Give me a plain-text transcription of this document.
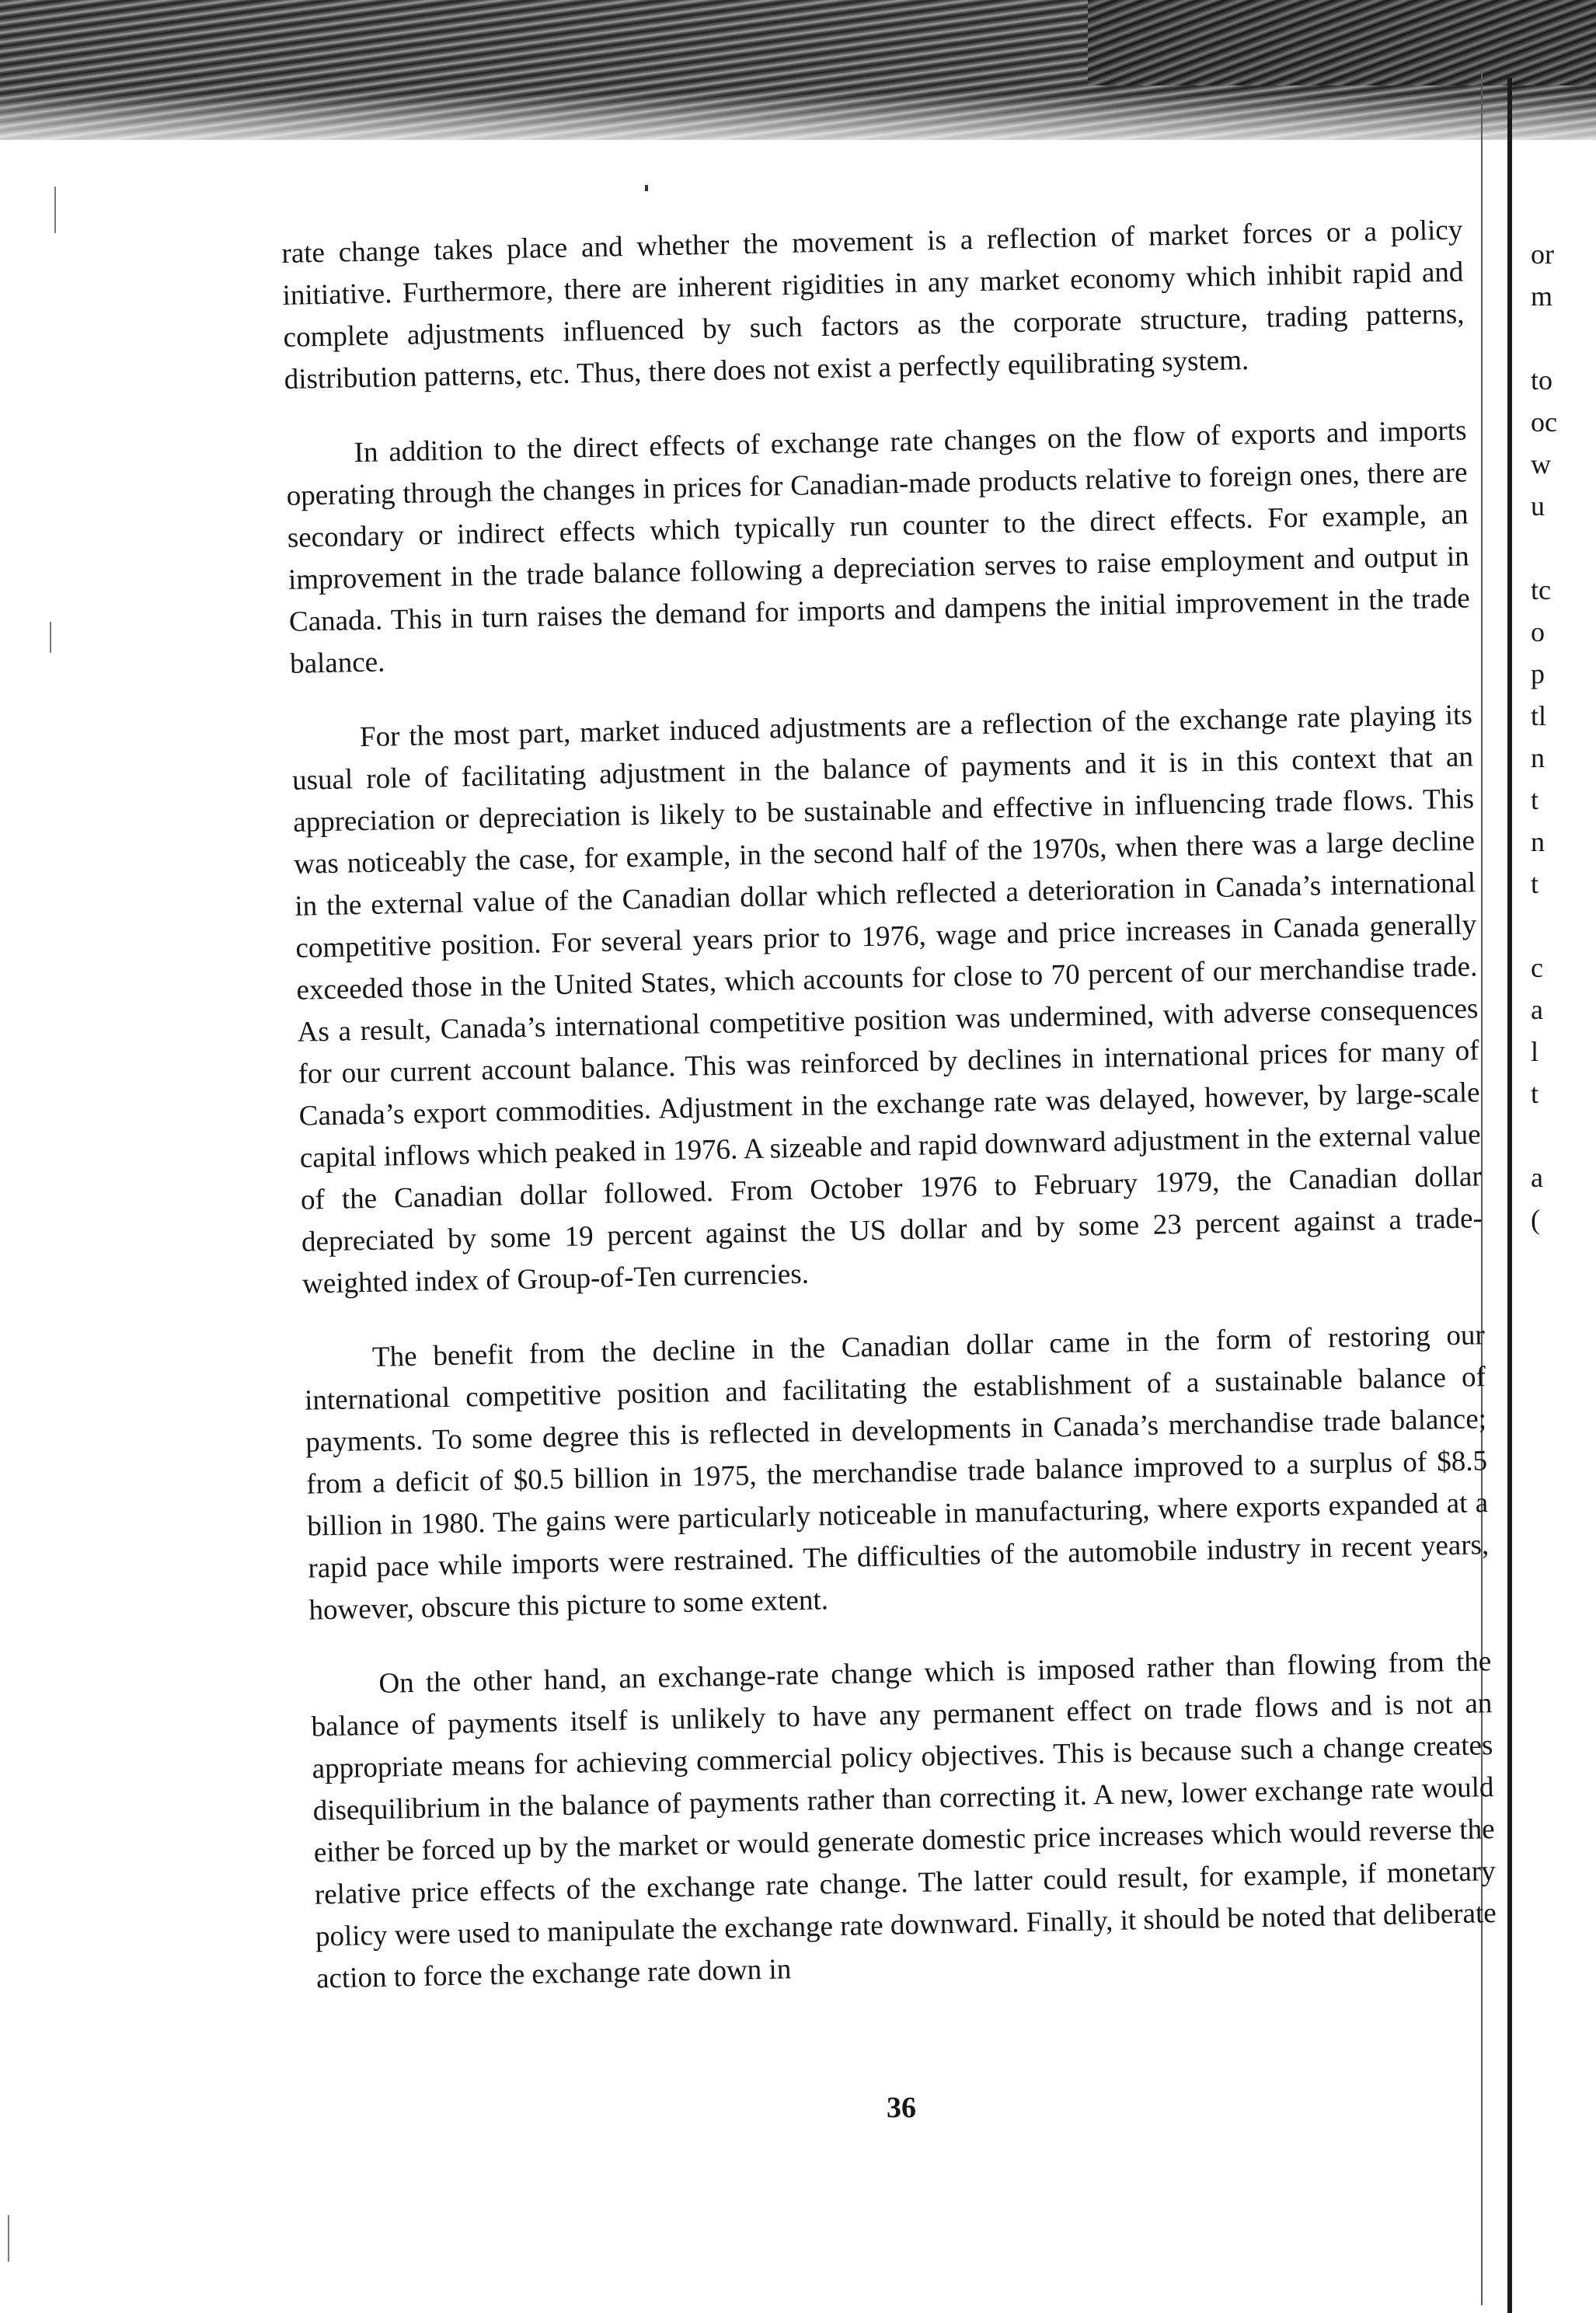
rate change takes place and whether the movement is a reflection of market forces or a policy initiative. Furthermore, there are inherent rigidities in any market economy which inhibit rapid and complete adjustments influenced by such factors as the corporate structure, trading patterns, distribution patterns, etc. Thus, there does not exist a perfectly equilibrating system.

In addition to the direct effects of exchange rate changes on the flow of exports and imports operating through the changes in prices for Canadian-made products relative to foreign ones, there are secondary or indirect effects which typically run counter to the direct effects. For example, an improvement in the trade balance following a depreciation serves to raise employment and output in Canada. This in turn raises the demand for imports and dampens the initial improvement in the trade balance.

For the most part, market induced adjustments are a reflection of the exchange rate playing its usual role of facilitating adjustment in the balance of payments and it is in this context that an appreciation or depreciation is likely to be sustainable and effective in influencing trade flows. This was noticeably the case, for example, in the second half of the 1970s, when there was a large decline in the external value of the Canadian dollar which reflected a deterioration in Canada’s international competitive position. For several years prior to 1976, wage and price increases in Canada generally exceeded those in the United States, which accounts for close to 70 percent of our merchandise trade. As a result, Canada’s international competitive position was undermined, with adverse consequences for our current account balance. This was reinforced by declines in international prices for many of Canada’s export commodities. Adjustment in the exchange rate was delayed, however, by large-scale capital inflows which peaked in 1976. A sizeable and rapid downward adjustment in the external value of the Canadian dollar followed. From October 1976 to February 1979, the Canadian dollar depreciated by some 19 percent against the US dollar and by some 23 percent against a trade-weighted index of Group-of-Ten currencies.

The benefit from the decline in the Canadian dollar came in the form of restoring our international competitive position and facilitating the establishment of a sustainable balance of payments. To some degree this is reflected in developments in Canada’s merchandise trade balance; from a deficit of $0.5 billion in 1975, the merchandise trade balance improved to a surplus of $8.5 billion in 1980. The gains were particularly noticeable in manufacturing, where exports expanded at a rapid pace while imports were restrained. The difficulties of the automobile industry in recent years, however, obscure this picture to some extent.

On the other hand, an exchange-rate change which is imposed rather than flowing from the balance of payments itself is unlikely to have any permanent effect on trade flows and is not an appropriate means for achieving commercial policy objectives. This is because such a change creates disequilibrium in the balance of payments rather than correcting it. A new, lower exchange rate would either be forced up by the market or would generate domestic price increases which would reverse the relative price effects of the exchange rate change. The latter could result, for example, if monetary policy were used to manipulate the exchange rate downward. Finally, it should be noted that deliberate action to force the exchange rate down in

36
or
m

to
oc
w
u

tc
o
p
tl
n
t
n
t

c
a
l
t

a
(
